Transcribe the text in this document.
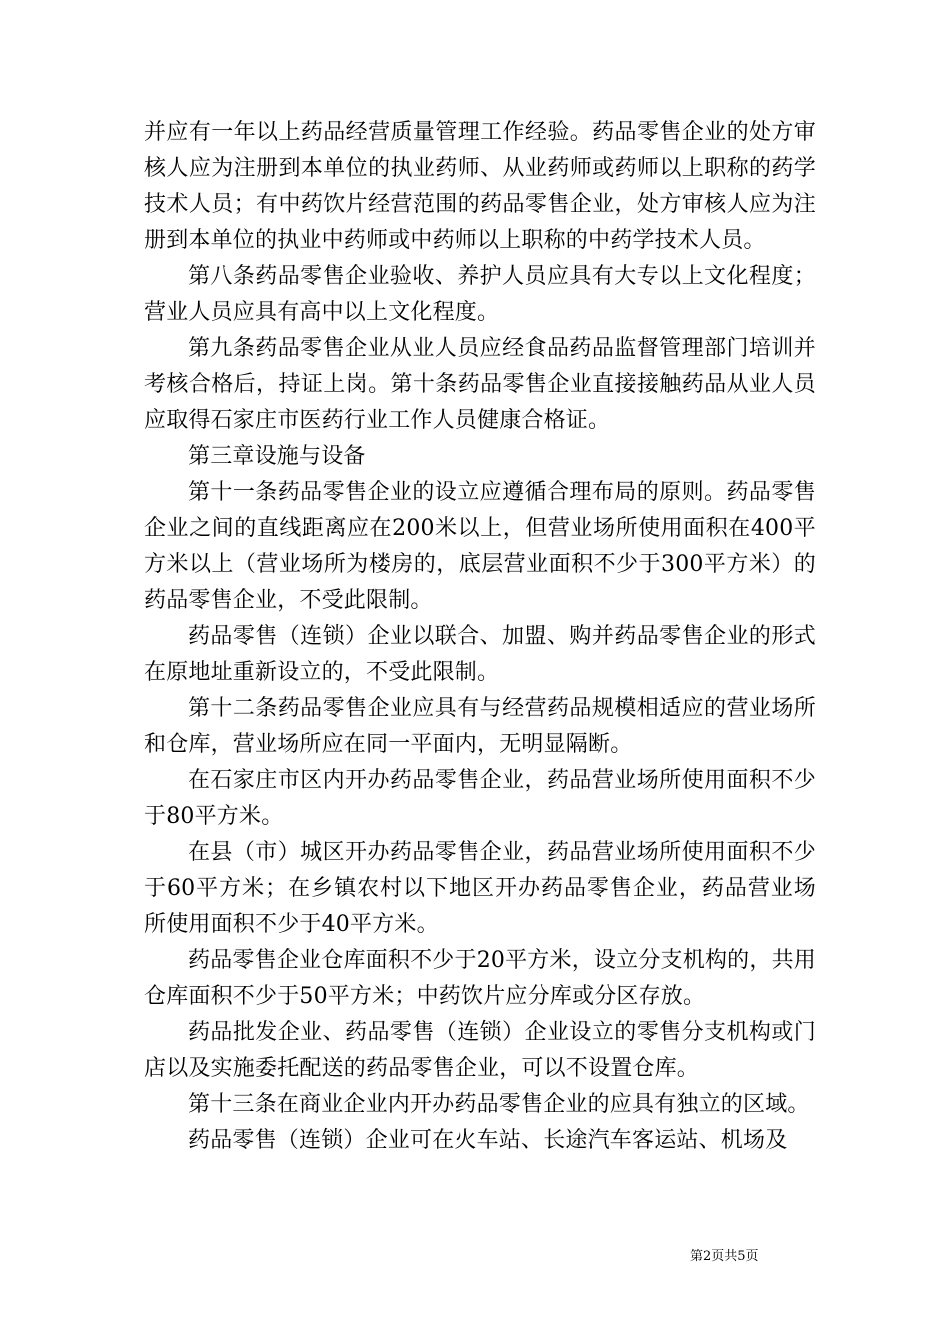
并应有一年以上药品经营质量管理工作经验。药品零售企业的处方审核人应为注册到本单位的执业药师、从业药师或药师以上职称的药学技术人员；有中药饮片经营范围的药品零售企业，处方审核人应为注册到本单位的执业中药师或中药师以上职称的中药学技术人员。

第八条药品零售企业验收、养护人员应具有大专以上文化程度；营业人员应具有高中以上文化程度。

第九条药品零售企业从业人员应经食品药品监督管理部门培训并考核合格后，持证上岗。第十条药品零售企业直接接触药品从业人员应取得石家庄市医药行业工作人员健康合格证。

第三章设施与设备

第十一条药品零售企业的设立应遵循合理布局的原则。药品零售企业之间的直线距离应在200米以上，但营业场所使用面积在400平方米以上（营业场所为楼房的，底层营业面积不少于300平方米）的药品零售企业，不受此限制。

药品零售（连锁）企业以联合、加盟、购并药品零售企业的形式在原地址重新设立的，不受此限制。

第十二条药品零售企业应具有与经营药品规模相适应的营业场所和仓库，营业场所应在同一平面内，无明显隔断。

在石家庄市区内开办药品零售企业，药品营业场所使用面积不少于80平方米。

在县（市）城区开办药品零售企业，药品营业场所使用面积不少于60平方米；在乡镇农村以下地区开办药品零售企业，药品营业场所使用面积不少于40平方米。

药品零售企业仓库面积不少于20平方米，设立分支机构的，共用仓库面积不少于50平方米；中药饮片应分库或分区存放。

药品批发企业、药品零售（连锁）企业设立的零售分支机构或门店以及实施委托配送的药品零售企业，可以不设置仓库。

第十三条在商业企业内开办药品零售企业的应具有独立的区域。

药品零售（连锁）企业可在火车站、长途汽车客运站、机场及

第2页共5页
